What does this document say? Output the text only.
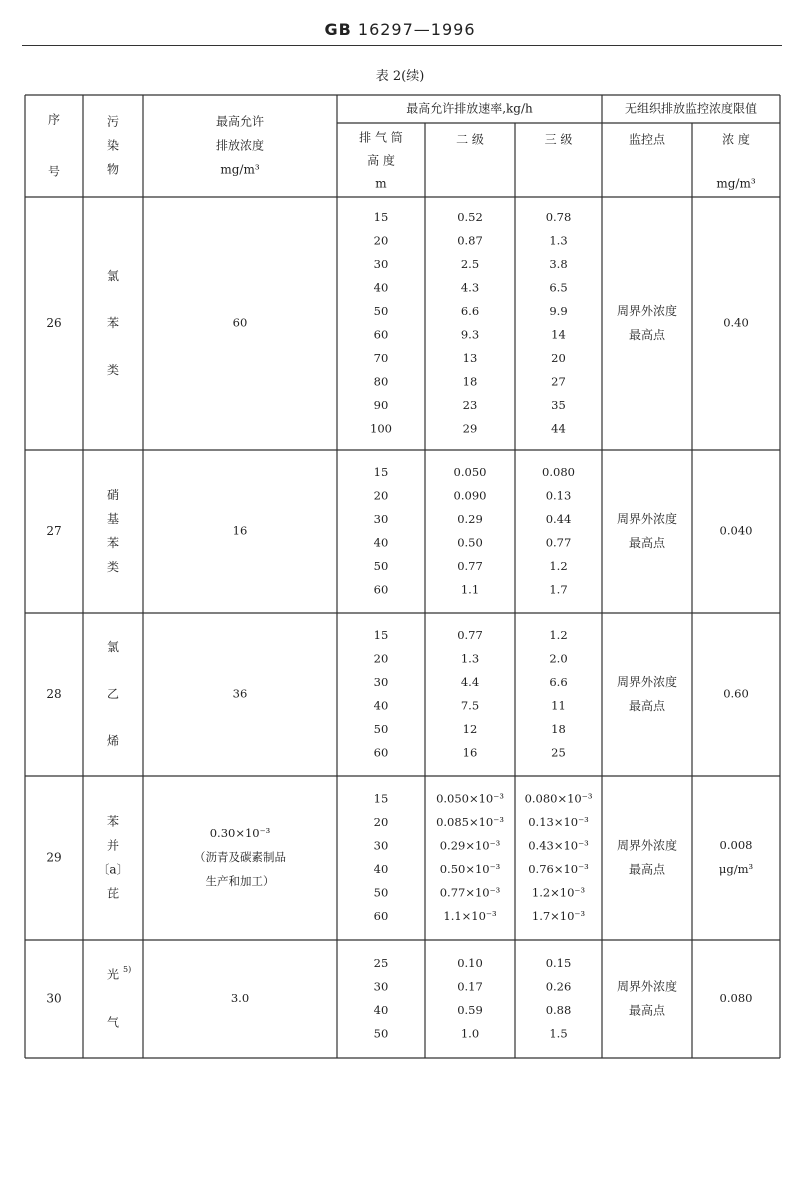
GB 16297—1996
表 2(续)
序
号
污
染
物
最高允许
排放浓度
mg/m³
最高允许排放速率,kg/h
排 气 筒
高 度
m
二 级	三 级
无组织排放监控浓度限值
监控点	浓 度
mg/m³
26
氯
苯
类
60
15
20
30
40
50
60
70
80
90
100
0.52
0.87
2.5
4.3
6.6
9.3
13
18
23
29
0.78
1.3
3.8
6.5
9.9
14
20
27
35
44
周界外浓度
最高点
0.40
27
硝
基
苯
类
16
15
20
30
40
50
60
0.050
0.090
0.29
0.50
0.77
1.1
0.080
0.13
0.44
0.77
1.2
1.7
周界外浓度
最高点
0.040
28
氯
乙
烯
36
15
20
30
40
50
60
0.77
1.3
4.4
7.5
12
16
1.2
2.0
6.6
11
18
25
周界外浓度
最高点
0.60
29
苯
并
〔a〕
芘
0.30×10⁻³
（沥青及碳素制品
生产和加工）
15
20
30
40
50
60
0.050×10⁻³
0.085×10⁻³
0.29×10⁻³
0.50×10⁻³
0.77×10⁻³
1.1×10⁻³
0.080×10⁻³
0.13×10⁻³
0.43×10⁻³
0.76×10⁻³
1.2×10⁻³
1.7×10⁻³
周界外浓度
最高点
0.008
μg/m³
30
光 5)
气
3.0
25
30
40
50
0.10
0.17
0.59
1.0
0.15
0.26
0.88
1.5
周界外浓度
最高点
0.080
